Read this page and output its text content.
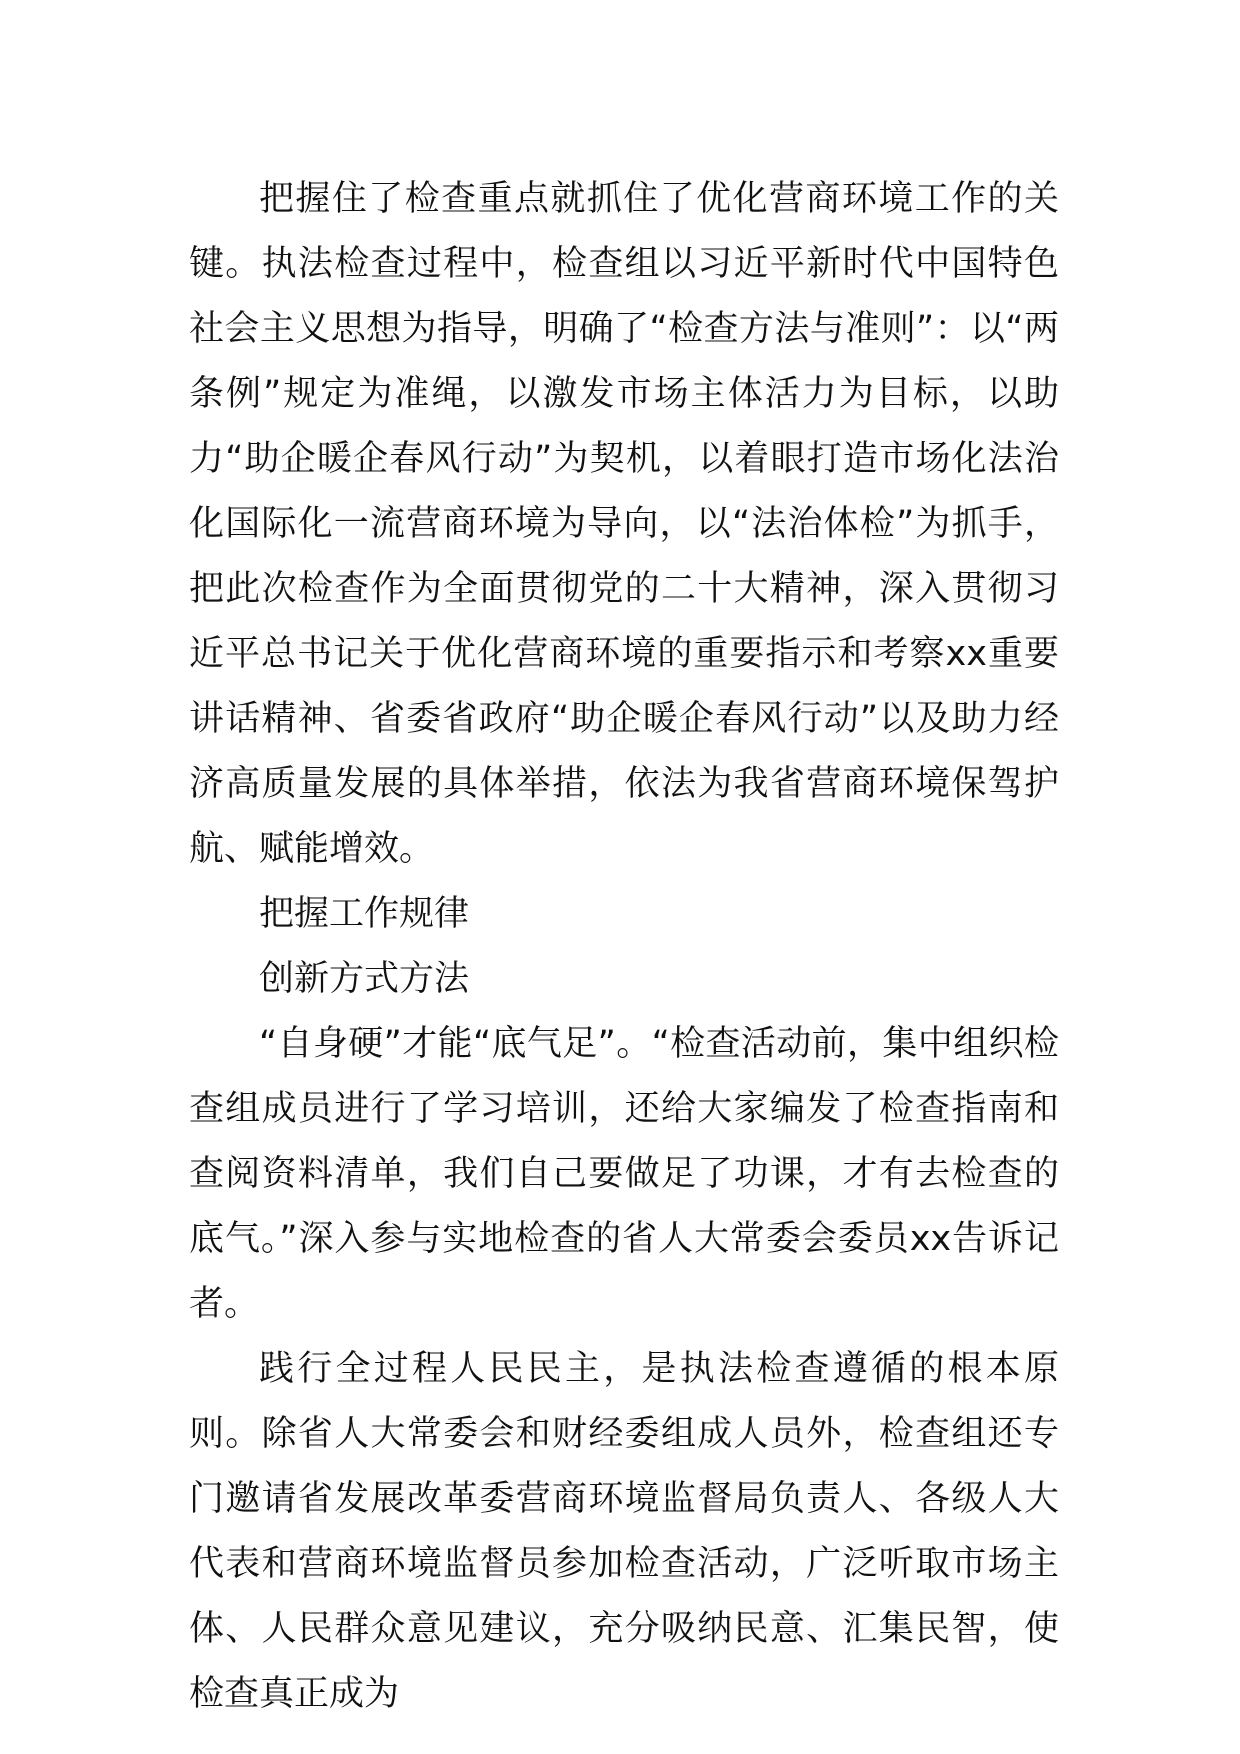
把握住了检查重点就抓住了优化营商环境工作的关键。执法检查过程中，检查组以习近平新时代中国特色社会主义思想为指导，明确了“检查方法与准则”：以“两条例”规定为准绳，以激发市场主体活力为目标，以助力“助企暖企春风行动”为契机，以着眼打造市场化法治化国际化一流营商环境为导向，以“法治体检”为抓手，把此次检查作为全面贯彻党的二十大精神，深入贯彻习近平总书记关于优化营商环境的重要指示和考察xx重要讲话精神、省委省政府“助企暖企春风行动”以及助力经济高质量发展的具体举措，依法为我省营商环境保驾护航、赋能增效。

把握工作规律

创新方式方法

“自身硬”才能“底气足”。“检查活动前，集中组织检查组成员进行了学习培训，还给大家编发了检查指南和查阅资料清单，我们自己要做足了功课，才有去检查的底气。”深入参与实地检查的省人大常委会委员xx告诉记者。

践行全过程人民民主，是执法检查遵循的根本原则。除省人大常委会和财经委组成人员外，检查组还专门邀请省发展改革委营商环境监督局负责人、各级人大代表和营商环境监督员参加检查活动，广泛听取市场主体、人民群众意见建议，充分吸纳民意、汇集民智，使检查真正成为
